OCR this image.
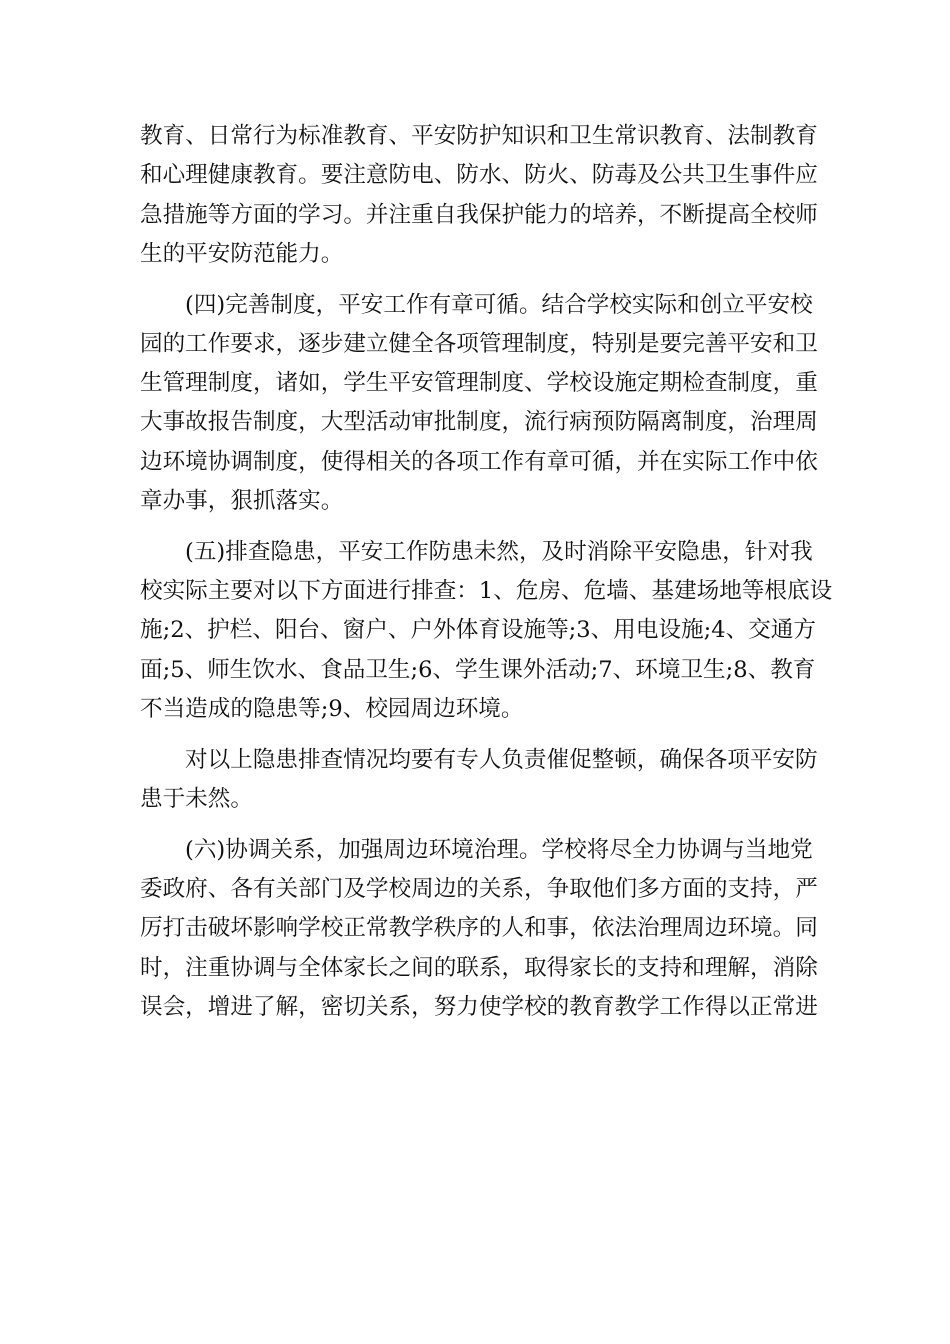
教育、日常行为标准教育、平安防护知识和卫生常识教育、法制教育
和心理健康教育。要注意防电、防水、防火、防毒及公共卫生事件应
急措施等方面的学习。并注重自我保护能力的培养，不断提高全校师
生的平安防范能力。
(四)完善制度，平安工作有章可循。结合学校实际和创立平安校
园的工作要求，逐步建立健全各项管理制度，特别是要完善平安和卫
生管理制度，诸如，学生平安管理制度、学校设施定期检查制度，重
大事故报告制度，大型活动审批制度，流行病预防隔离制度，治理周
边环境协调制度，使得相关的各项工作有章可循，并在实际工作中依
章办事，狠抓落实。
(五)排查隐患，平安工作防患未然，及时消除平安隐患，针对我
校实际主要对以下方面进行排查：1、危房、危墙、基建场地等根底设
施;2、护栏、阳台、窗户、户外体育设施等;3、用电设施;4、交通方
面;5、师生饮水、食品卫生;6、学生课外活动;7、环境卫生;8、教育
不当造成的隐患等;9、校园周边环境。
对以上隐患排查情况均要有专人负责催促整顿，确保各项平安防
患于未然。
(六)协调关系，加强周边环境治理。学校将尽全力协调与当地党
委政府、各有关部门及学校周边的关系，争取他们多方面的支持，严
厉打击破坏影响学校正常教学秩序的人和事，依法治理周边环境。同
时，注重协调与全体家长之间的联系，取得家长的支持和理解，消除
误会，增进了解，密切关系，努力使学校的教育教学工作得以正常进
